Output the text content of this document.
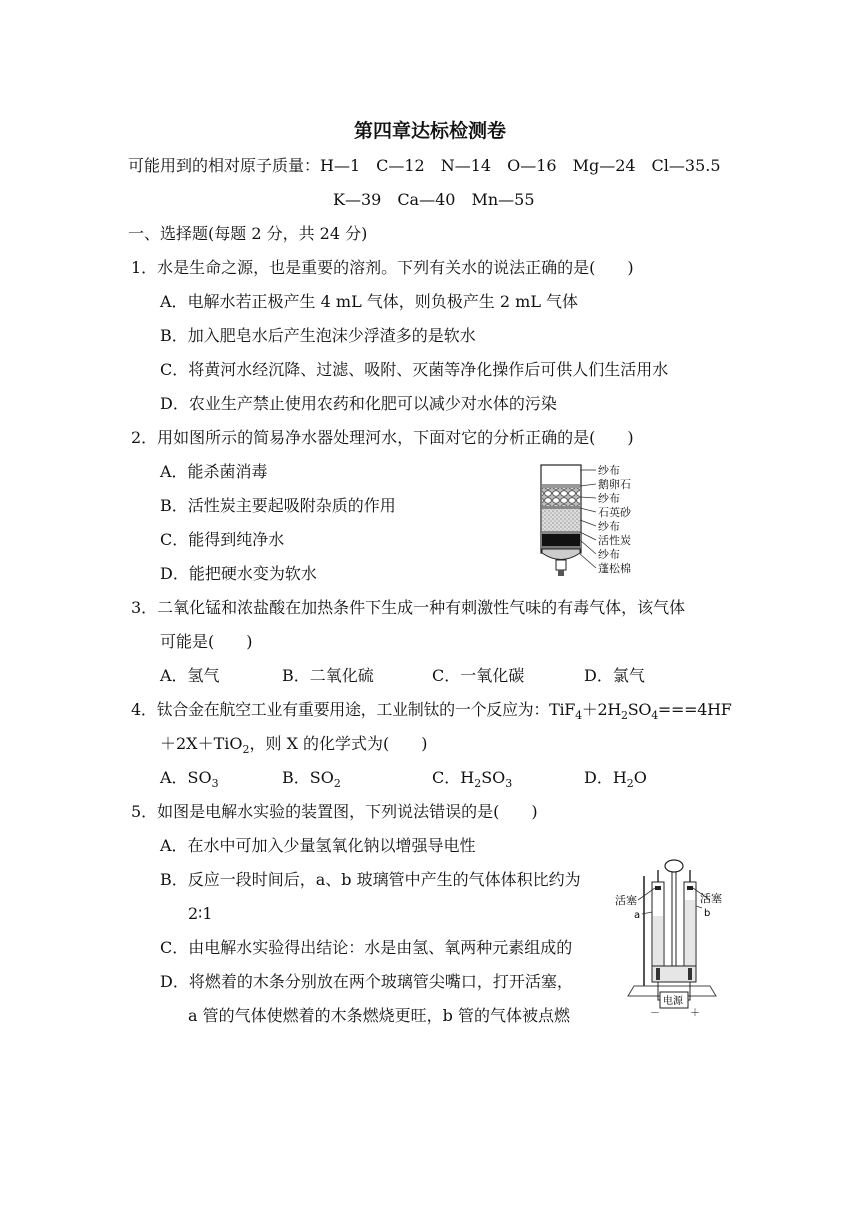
第四章达标检测卷
可能用到的相对原子质量：H—1　C—12　N—14　O—16　Mg—24　Cl—35.5
K—39　Ca—40　Mn—55
一、选择题(每题 2 分，共 24 分)
1．水是生命之源，也是重要的溶剂。下列有关水的说法正确的是(　　)
A．电解水若正极产生 4 mL 气体，则负极产生 2 mL 气体
B．加入肥皂水后产生泡沫少浮渣多的是软水
C．将黄河水经沉降、过滤、吸附、灭菌等净化操作后可供人们生活用水
D．农业生产禁止使用农药和化肥可以减少对水体的污染
2．用如图所示的简易净水器处理河水，下面对它的分析正确的是(　　)
A．能杀菌消毒
B．活性炭主要起吸附杂质的作用
C．能得到纯净水
D．能把硬水变为软水
纱布
鹅卵石
纱布
石英砂
纱布
活性炭
纱布
蓬松棉
3．二氧化锰和浓盐酸在加热条件下生成一种有刺激性气味的有毒气体，该气体
可能是(　　)
A．氢气	B．二氧化硫	C．一氧化碳	D．氯气
4．钛合金在航空工业有重要用途，工业制钛的一个反应为：$TiF_4+2H_2SO_4===4HF$
＋2X＋TiO$_2$，则 X 的化学式为(　　)
A．$SO_3$	B．$SO_2$	C．$H_2SO_3$	D．$H_2O$
5．如图是电解水实验的装置图，下列说法错误的是(　　)
A．在水中可加入少量氢氧化钠以增强导电性
B．反应一段时间后，a、b 玻璃管中产生的气体体积比约为
2∶1
C．由电解水实验得出结论：水是由氢、氧两种元素组成的
D．将燃着的木条分别放在两个玻璃管尖嘴口，打开活塞，
a 管的气体使燃着的木条燃烧更旺，b 管的气体被点燃
电源
－	＋
活塞	活塞
a	b
